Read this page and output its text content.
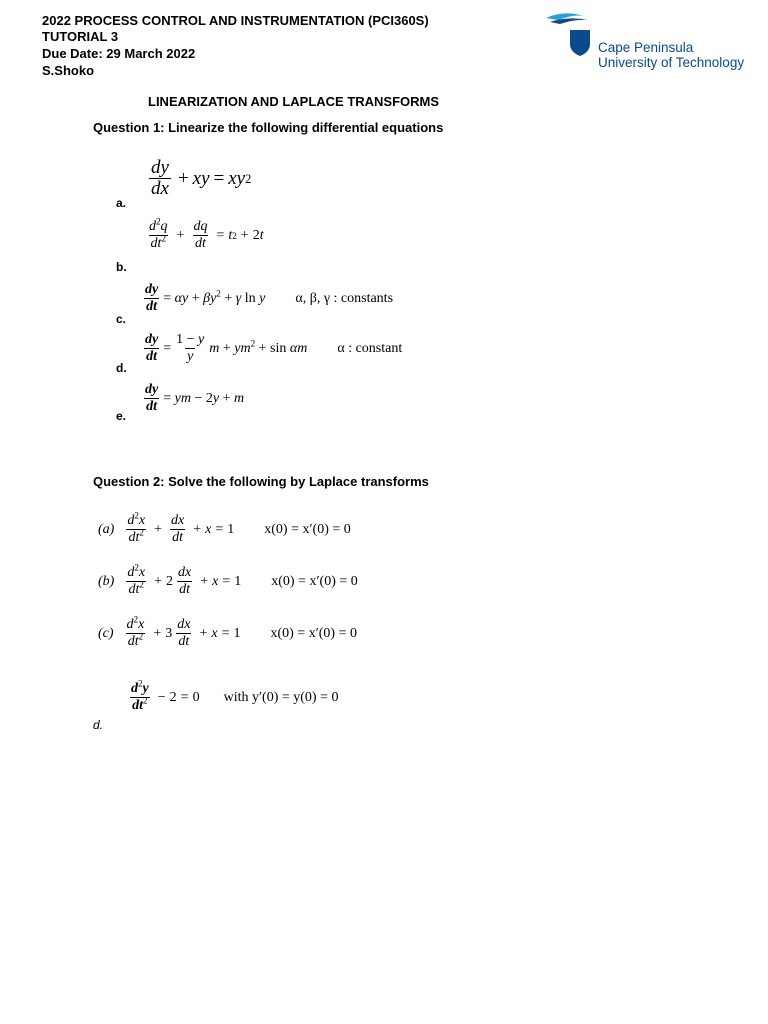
2022 PROCESS CONTROL AND INSTRUMENTATION (PCI360S)
TUTORIAL 3
Due Date: 29 March 2022
S.Shoko
Cape Peninsula
University of Technology
LINEARIZATION AND LAPLACE TRANSFORMS
Question 1: Linearize the following differential equations
a.
$\frac{dy}{dx}$ + xy = xy 2
b.
$\frac{d^2q}{dt^2} + \frac{dq}{dt} = t$ 2 + 2 t
c.
$\frac{dy}{dt} = \alpha y + \beta y^2 + \gamma$ ln y α, β, γ : constants
d.
$\frac{dy}{dt} = \frac{1 - y}{y}$ $m + ym^2 + \sin \alpha m$ α : constant
e.
$\frac{dy}{dt}$ = ym − 2y + m
Question 2: Solve the following by Laplace transforms
$(a) \frac{d^2x}{dt^2} + \frac{dx}{dt} + x = 1$ x(0) = x′(0) = 0
$(b) \frac{d^2x}{dt^2} + 2 \frac{dx}{dt} + x = 1$ x(0) = x′(0) = 0
$(c) \frac{d^2x}{dt^2} + 3 \frac{dx}{dt} + x = 1$ x(0) = x′(0) = 0
d.
$\frac{d^2y}{dt^2} - 2 = 0$ with y′(0) = y(0) = 0
